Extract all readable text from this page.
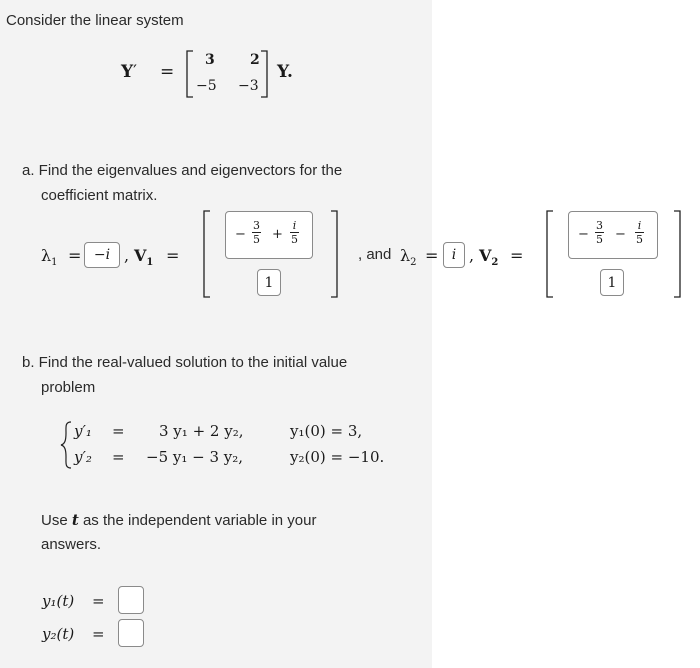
Consider the linear system
Y′ =
3	2
−5 −3
Y.
a. Find the eigenvalues and eigenvectors for the
coefficient matrix.
$\lambda_1 = -i$ , $V_1$ =
− $\frac{3}{5} + \frac{i}{5}$
1
, and $\lambda_2 = i$ , $V_2$ =
− $\frac{3}{5} - \frac{i}{5}$
1
b. Find the real-valued solution to the initial value
problem
y′₁ = 3 y₁ + 2 y₂,	y₁(0) = 3,
y′₂ = −5 y₁ − 3 y₂,	y₂(0) = −10.
Use t as the independent variable in your
answers.
y₁(t) =
y₂(t) =
